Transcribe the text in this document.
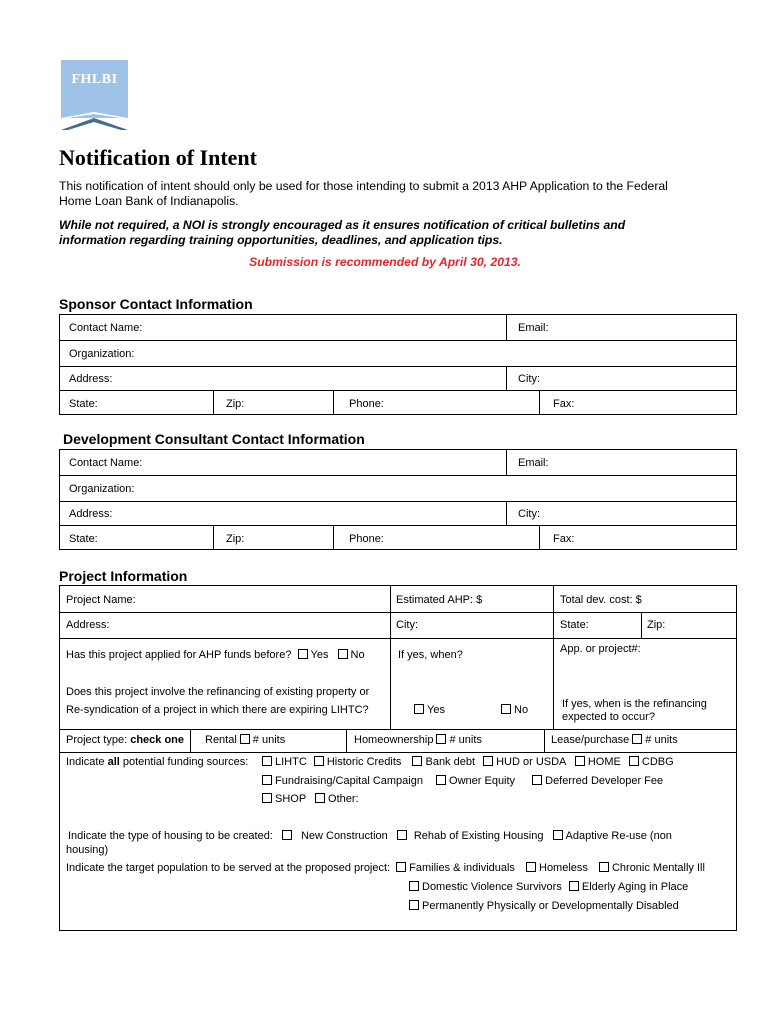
FHLBI
Notification of Intent
This notification of intent should only be used for those intending to submit a 2013 AHP Application to the Federal Home Loan Bank of Indianapolis.
While not required, a NOI is strongly encouraged as it ensures notification of critical bulletins and information regarding training opportunities, deadlines, and application tips.
Submission is recommended by April 30, 2013.
Sponsor Contact Information
Contact Name:	Email:
Organization:
Address:	City:
State:	Zip:	Phone:	Fax:
Development Consultant Contact Information
Contact Name:	Email:
Organization:
Address:	City:
State:	Zip:	Phone:	Fax:
Project Information
Project Name:	Estimated AHP: $	Total dev. cost: $
Address:	City:	State:	Zip:
Has this project applied for AHP funds before? Yes No	If yes, when?	App. or project#:
Does this project involve the refinancing of existing property or
Re-syndication of a project in which there are expiring LIHTC?	Yes	No	If yes, when is the refinancing
expected to occur?
Project type: check one Rental # units	Homeownership # units	Lease/purchase # units
Indicate all potential funding sources:	LIHTC Historic Credits Bank debt HUD or USDA HOME CDBG
Fundraising/Capital Campaign Owner Equity	Deferred Developer Fee
SHOP Other:
Indicate the type of housing to be created:	New Construction Rehab of Existing Housing Adaptive Re-use (non
housing)
Indicate the target population to be served at the proposed project: Families & individuals Homeless Chronic Mentally Ill
Domestic Violence Survivors Elderly Aging in Place
Permanently Physically or Developmentally Disabled
